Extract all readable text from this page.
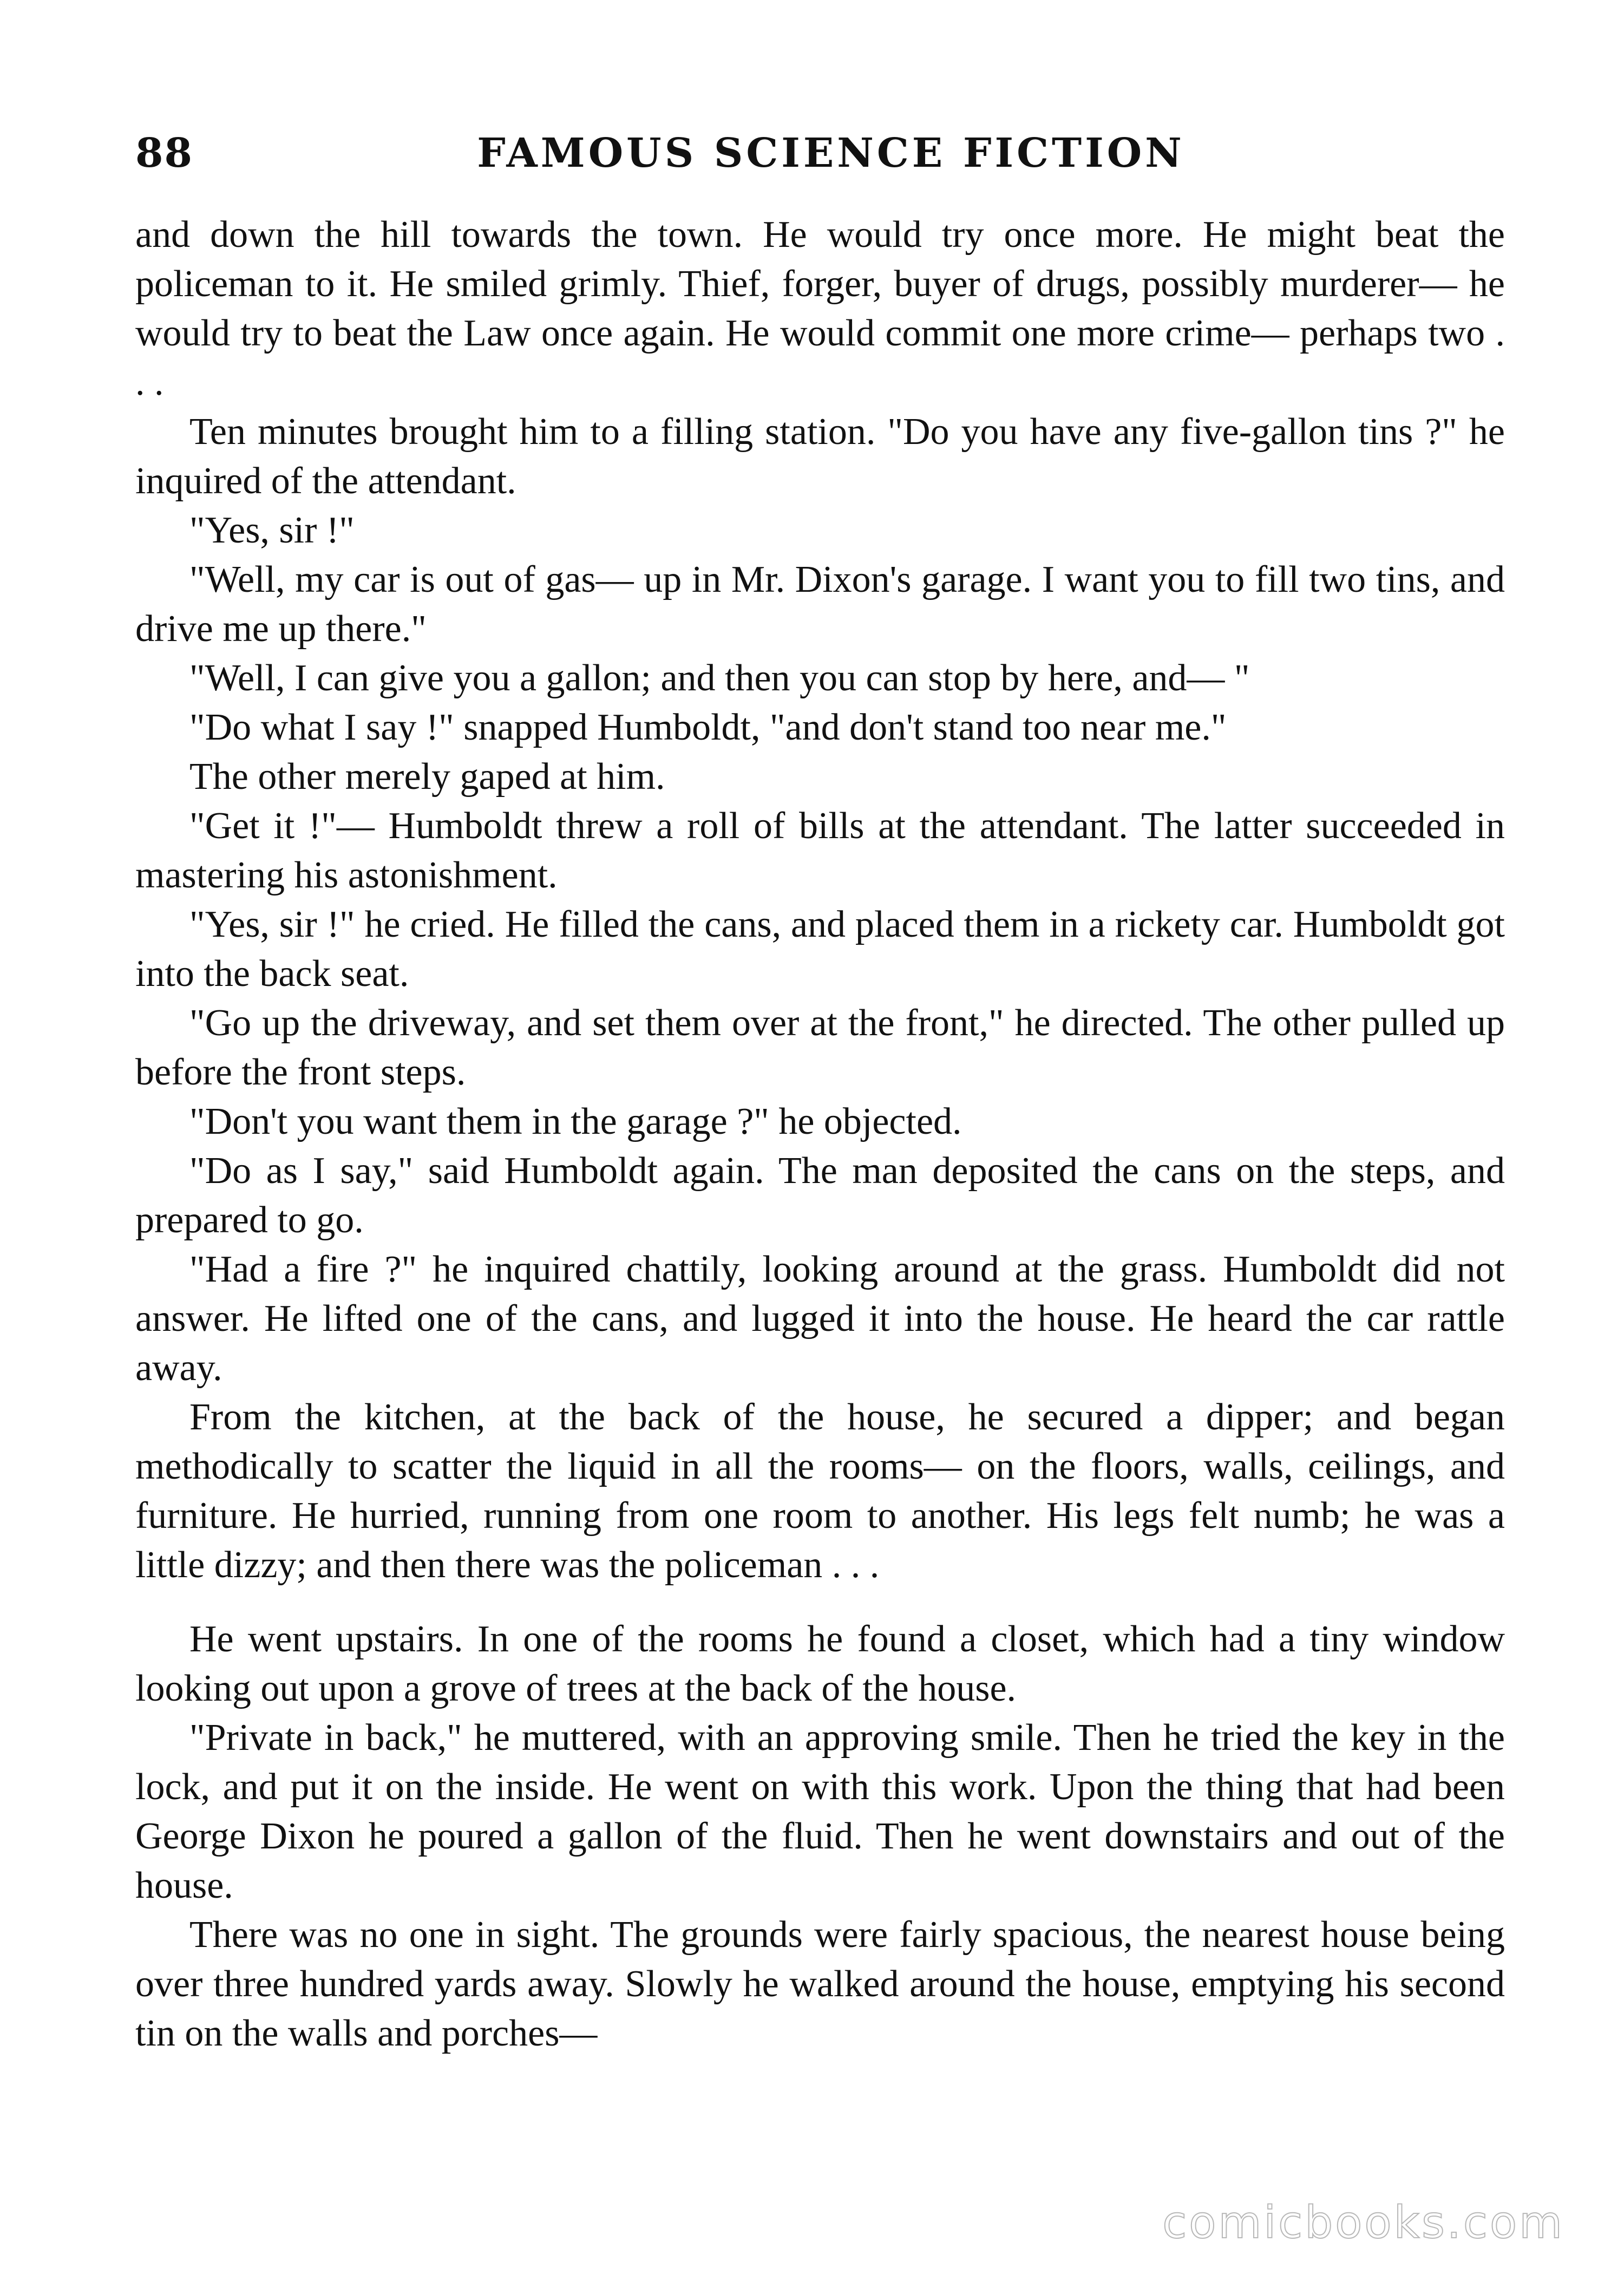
88	FAMOUS SCIENCE FICTION

and down the hill towards the town. He would try once more. He might beat the policeman to it. He smiled grimly. Thief, forger, buyer of drugs, possibly murderer— he would try to beat the Law once again. He would commit one more crime— perhaps two . . .

Ten minutes brought him to a filling station. "Do you have any five-gallon tins ?" he inquired of the attendant.

"Yes, sir !"

"Well, my car is out of gas— up in Mr. Dixon's garage. I want you to fill two tins, and drive me up there."

"Well, I can give you a gallon; and then you can stop by here, and— "

"Do what I say !" snapped Humboldt, "and don't stand too near me."

The other merely gaped at him.

"Get it !"— Humboldt threw a roll of bills at the attendant. The latter succeeded in mastering his astonishment.

"Yes, sir !" he cried. He filled the cans, and placed them in a rickety car. Humboldt got into the back seat.

"Go up the driveway, and set them over at the front," he directed. The other pulled up before the front steps.

"Don't you want them in the garage ?" he objected.

"Do as I say," said Humboldt again. The man deposited the cans on the steps, and prepared to go.

"Had a fire ?" he inquired chattily, looking around at the grass. Humboldt did not answer. He lifted one of the cans, and lugged it into the house. He heard the car rattle away.

From the kitchen, at the back of the house, he secured a dipper; and began methodically to scatter the liquid in all the rooms— on the floors, walls, ceilings, and furniture. He hurried, running from one room to another. His legs felt numb; he was a little dizzy; and then there was the policeman . . .

He went upstairs. In one of the rooms he found a closet, which had a tiny window looking out upon a grove of trees at the back of the house.

"Private in back," he muttered, with an approving smile. Then he tried the key in the lock, and put it on the inside. He went on with this work. Upon the thing that had been George Dixon he poured a gallon of the fluid. Then he went downstairs and out of the house.

There was no one in sight. The grounds were fairly spacious, the nearest house being over three hundred yards away. Slowly he walked around the house, emptying his second tin on the walls and porches—

comicbooks.com
